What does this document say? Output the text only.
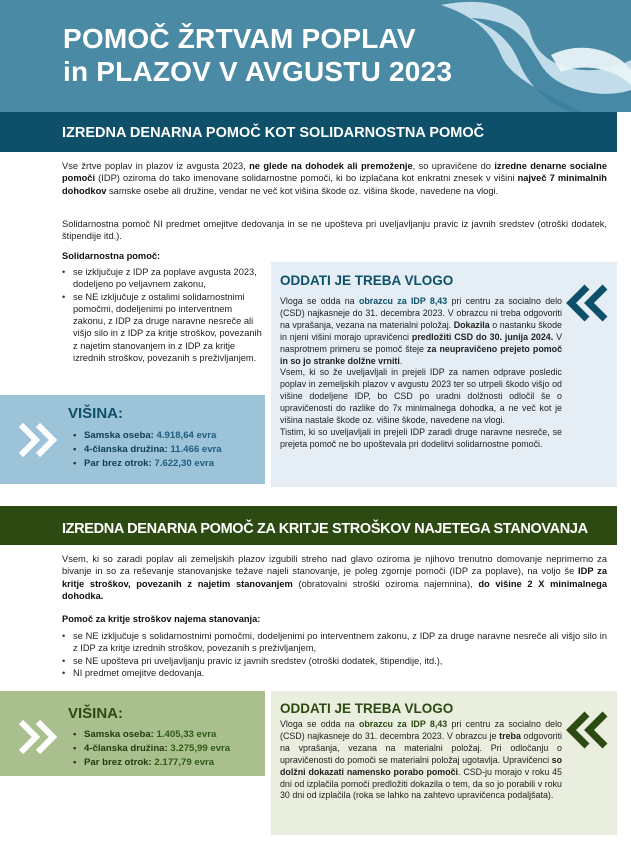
POMOČ ŽRTVAM POPLAV
in PLAZOV V AVGUSTU 2023
IZREDNA DENARNA POMOČ KOT SOLIDARNOSTNA POMOČ
Vse žrtve poplav in plazov iz avgusta 2023, ne glede na dohodek ali premoženje, so upravičene do izredne denarne socialne pomoči (IDP) oziroma do tako imenovane solidarnostne pomoči, ki bo izplačana kot enkratni znesek v višini največ 7 minimalnih dohodkov samske osebe ali družine, vendar ne več kot višina škode oz. višina škode, navedene na vlogi.
Solidarnostna pomoč NI predmet omejitve dedovanja in se ne upošteva pri uveljavljanju pravic iz javnih sredstev (otroški dodatek, štipendije itd.).
Solidarnostna pomoč:
• se izključuje z IDP za poplave avgusta 2023, dodeljeno po veljavnem zakonu,
• se NE izključuje z ostalimi solidarnostnimi pomočmi, dodeljenimi po interventnem zakonu, z IDP za druge naravne nesreče ali višjo silo in z IDP za kritje stroškov, povezanih z najetim stanovanjem in z IDP za kritje izrednih stroškov, povezanih s preživljanjem.
VIŠINA:
• Samska oseba: 4.918,64 evra
• 4-članska družina: 11.466 evra
• Par brez otrok: 7.622,30 evra
ODDATI JE TREBA VLOGO
Vloga se odda na obrazcu za IDP 8,43 pri centru za socialno delo (CSD) najkasneje do 31. decembra 2023. V obrazcu ni treba odgovoriti na vprašanja, vezana na materialni položaj. Dokazila o nastanku škode in njeni višini morajo upravičenci predložiti CSD do 30. junija 2024. V nasprotnem primeru se pomoč šteje za neupravičeno prejeto pomoč in so jo stranke dolžne vrniti.
Vsem, ki so že uveljavljali in prejeli IDP za namen odprave posledic poplav in zemeljskih plazov v avgustu 2023 ter so utrpeli škodo višjo od višine dodeljene IDP, bo CSD po uradni dolžnosti odločil še o upravičenosti do razlike do 7x minimalnega dohodka, a ne več kot je višina nastale škode oz. višine škode, navedene na vlogi.
Tistim, ki so uveljavljali in prejeli IDP zaradi druge naravne nesreče, se prejeta pomoč ne bo upoštevala pri dodelitvi solidarnostne pomoči.
IZREDNA DENARNA POMOČ ZA KRITJE STROŠKOV NAJETEGA STANOVANJA
Vsem, ki so zaradi poplav ali zemeljskih plazov izgubili streho nad glavo oziroma je njihovo trenutno domovanje neprimerno za bivanje in so za reševanje stanovanjske težave najeli stanovanje, je poleg zgornje pomoči (IDP za poplave), na voljo še IDP za kritje stroškov, povezanih z najetim stanovanjem (obratovalni stroški oziroma najemnina), do višine 2 X minimalnega dohodka.
Pomoč za kritje stroškov najema stanovanja:
• se NE izključuje s solidarnostnimi pomočmi, dodeljenimi po interventnem zakonu, z IDP za druge naravne nesreče ali višjo silo in z IDP za kritje izrednih stroškov, povezanih s preživljanjem,
• se NE upošteva pri uveljavljanju pravic iz javnih sredstev (otroški dodatek, štipendije, itd.),
• NI predmet omejitve dedovanja.
VIŠINA:
• Samska oseba: 1.405,33 evra
• 4-članska družina: 3.275,99 evra
• Par brez otrok: 2.177,79 evra
ODDATI JE TREBA VLOGO
Vloga se odda na obrazcu za IDP 8,43 pri centru za socialno delo (CSD) najkasneje do 31. decembra 2023. V obrazcu je treba odgovoriti na vprašanja, vezana na materialni položaj. Pri odločanju o upravičenosti do pomoči se materialni položaj ugotavlja. Upravičenci so dolžni dokazati namensko porabo pomoči. CSD-ju morajo v roku 45 dni od izplačila pomoči predložiti dokazila o tem, da so jo porabili v roku 30 dni od izplačila (roka se lahko na zahtevo upravičenca podaljšata).
